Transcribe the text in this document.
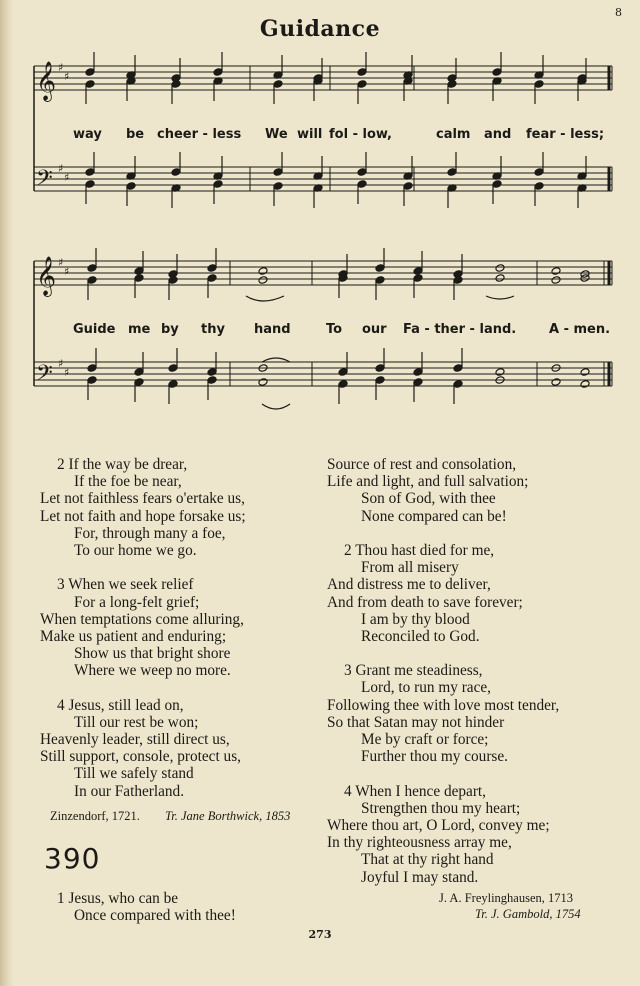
Guidance
8
𝄞
𝄢
𝄞
𝄢
♯
♯
♯
♯
♯
♯
♯
♯
way be cheer - less We will fol - low,	calm and fear - less;
Guide me by thy hand	To our Fa - ther - land.	A - men.
2 If the way be drear,
If the foe be near,
Let not faithless fears o'ertake us,
Let not faith and hope forsake us;
For, through many a foe,
To our home we go.
3 When we seek relief
For a long-felt grief;
When temptations come alluring,
Make us patient and enduring;
Show us that bright shore
Where we weep no more.
4 Jesus, still lead on,
Till our rest be won;
Heavenly leader, still direct us,
Still support, console, protect us,
Till we safely stand
In our Fatherland.
Zinzendorf, 1721. Tr. Jane Borthwick, 1853
390
1 Jesus, who can be
Once compared with thee!
Source of rest and consolation,
Life and light, and full salvation;
Son of God, with thee
None compared can be!
2 Thou hast died for me,
From all misery
And distress me to deliver,
And from death to save forever;
I am by thy blood
Reconciled to God.
3 Grant me steadiness,
Lord, to run my race,
Following thee with love most tender,
So that Satan may not hinder
Me by craft or force;
Further thou my course.
4 When I hence depart,
Strengthen thou my heart;
Where thou art, O Lord, convey me;
In thy righteousness array me,
That at thy right hand
Joyful I may stand.
J. A. Freylinghausen, 1713
Tr. J. Gambold, 1754
273
